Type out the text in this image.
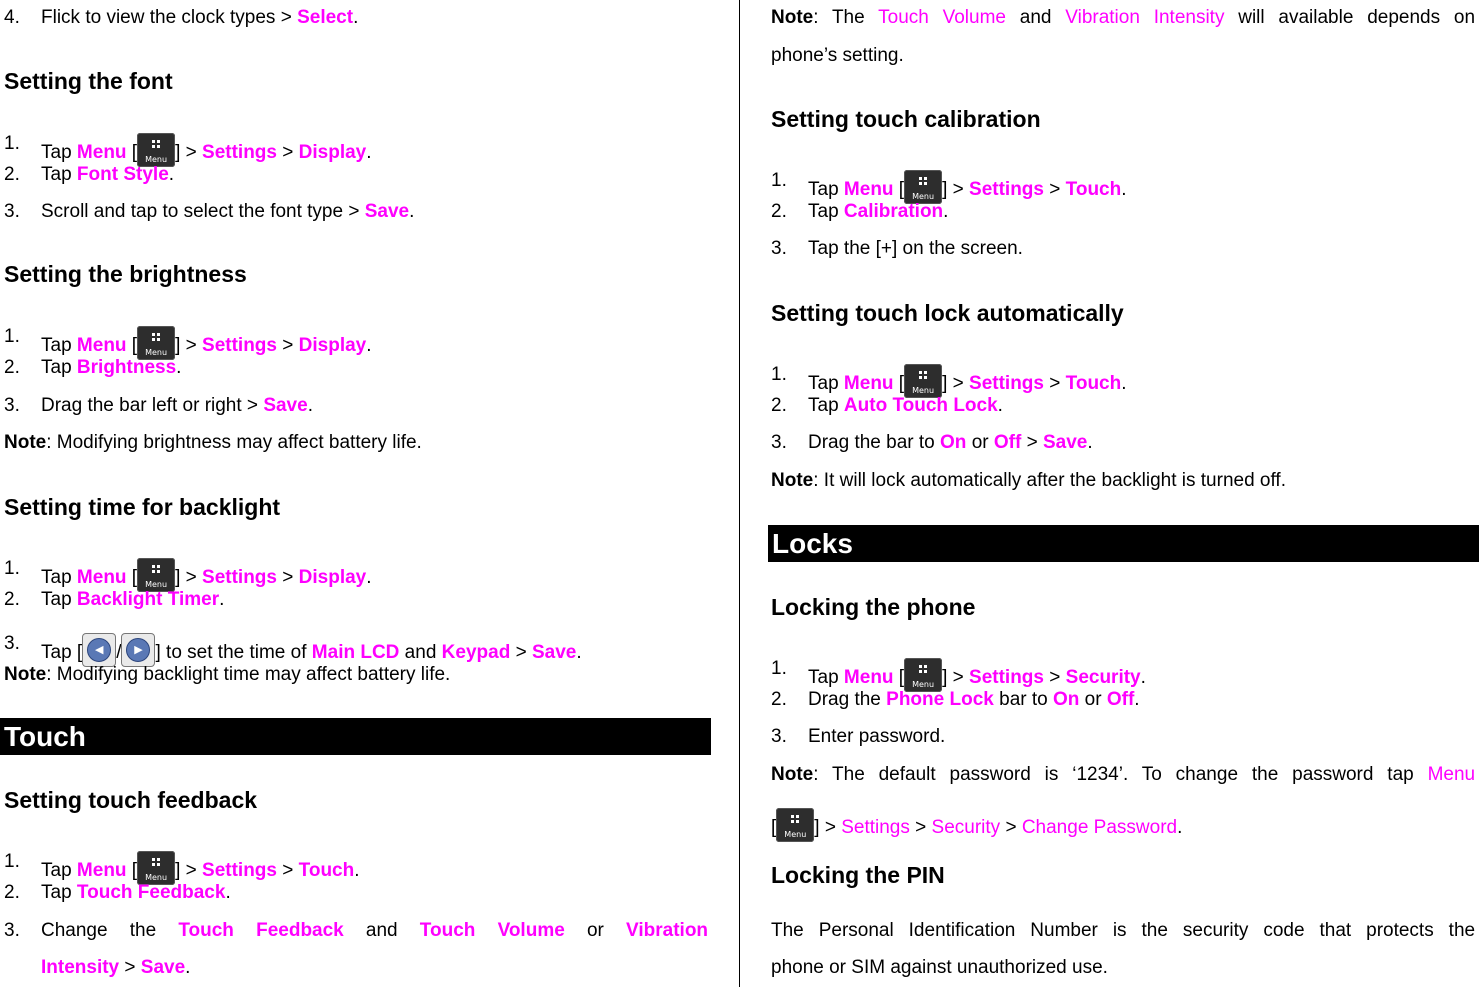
4. Flick to view the clock types > Select.
Setting the font
1. Tap Menu [	Menu ] > Settings > Display.
2. Tap Font Style.
3. Scroll and tap to select the font type > Save.
Setting the brightness
1. Tap Menu [	Menu ] > Settings > Display.
2. Tap Brightness.
3. Drag the bar left or right > Save.
Note: Modifying brightness may affect battery life.
Setting time for backlight
1. Tap Menu [	Menu ] > Settings > Display.
2. Tap Backlight Timer.
3. Tap [	◀ /	▶ ] to set the time of Main LCD and Keypad > Save.
Note: Modifying backlight time may affect battery life.
Touch
Setting touch feedback
1. Tap Menu [	Menu ] > Settings > Touch.
2. Tap Touch Feedback.
3. Change the Touch Feedback and Touch Volume or Vibration
Intensity > Save.
Note: The Touch Volume and Vibration Intensity will available depends on
phone’s setting.
Setting touch calibration
1. Tap Menu [	Menu ] > Settings > Touch.
2. Tap Calibration.
3. Tap the [+] on the screen.
Setting touch lock automatically
1. Tap Menu [	Menu ] > Settings > Touch.
2. Tap Auto Touch Lock.
3. Drag the bar to On or Off > Save.
Note: It will lock automatically after the backlight is turned off.
Locks
Locking the phone
1. Tap Menu [	Menu ] > Settings > Security.
2. Drag the Phone Lock bar to On or Off.
3. Enter password.
Note: The default password is ‘1234’. To change the password tap Menu
[	Menu ] > Settings > Security > Change Password.
Locking the PIN
The Personal Identification Number is the security code that protects the
phone or SIM against unauthorized use.
